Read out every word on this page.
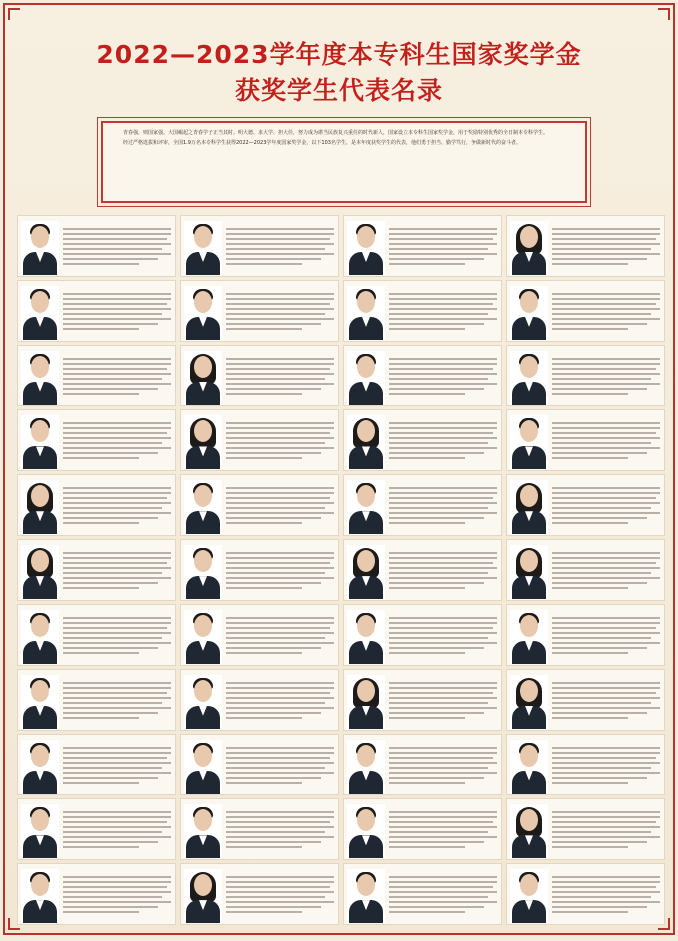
2022—2023学年度本专科生国家奖学金
获奖学生代表名录

青春强，则国家强。大国崛起之青春学子正当其时。明大德、求大学、担大任，努力成为堪当民族复兴重任的时代新人，国家设立本专科生国家奖学金，用于奖励特别优秀的全日制本专科学生。

经过严格选拔和评审，全国1.9万名本专科学生获得2022—2023学年度国家奖学金，以下103名学生，是本年度获奖学生的代表，他们勇于担当、勤学笃行，争做新时代的奋斗者。
